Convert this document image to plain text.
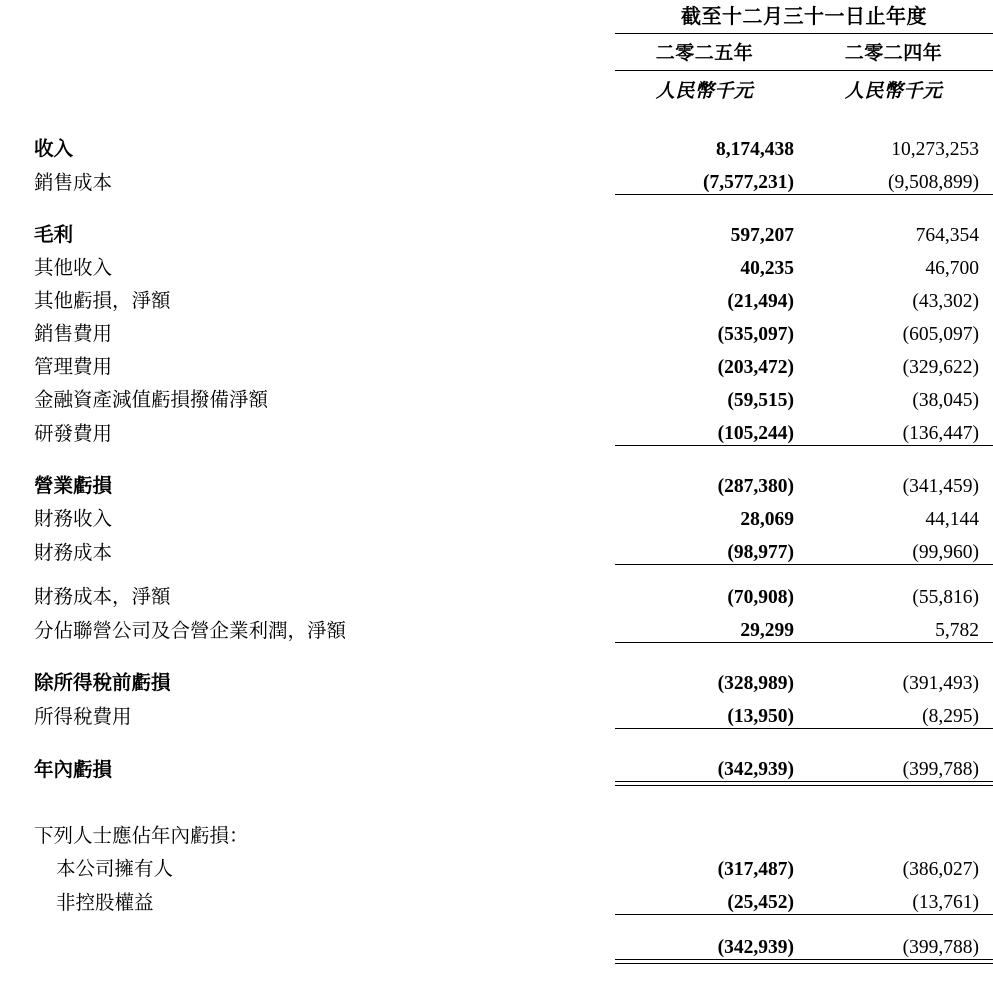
	截至十二月三十一日止年度	
	二零二五年	二零二四年
	人民幣千元	人民幣千元

收入	8,174,438	10,273,253
銷售成本	(7,577,231)	(9,508,899)

毛利	597,207	764,354
其他收入	40,235	46,700
其他虧損，淨額	(21,494)	(43,302)
銷售費用	(535,097)	(605,097)
管理費用	(203,472)	(329,622)
金融資產減值虧損撥備淨額	(59,515)	(38,045)
研發費用	(105,244)	(136,447)

營業虧損	(287,380)	(341,459)
財務收入	28,069	44,144
財務成本	(98,977)	(99,960)

財務成本，淨額	(70,908)	(55,816)
分佔聯營公司及合營企業利潤，淨額	29,299	5,782

除所得稅前虧損	(328,989)	(391,493)
所得稅費用	(13,950)	(8,295)

年內虧損	(342,939)	(399,788)

下列人士應佔年內虧損：		
本公司擁有人	(317,487)	(386,027)
非控股權益	(25,452)	(13,761)

	(342,939)	(399,788)
